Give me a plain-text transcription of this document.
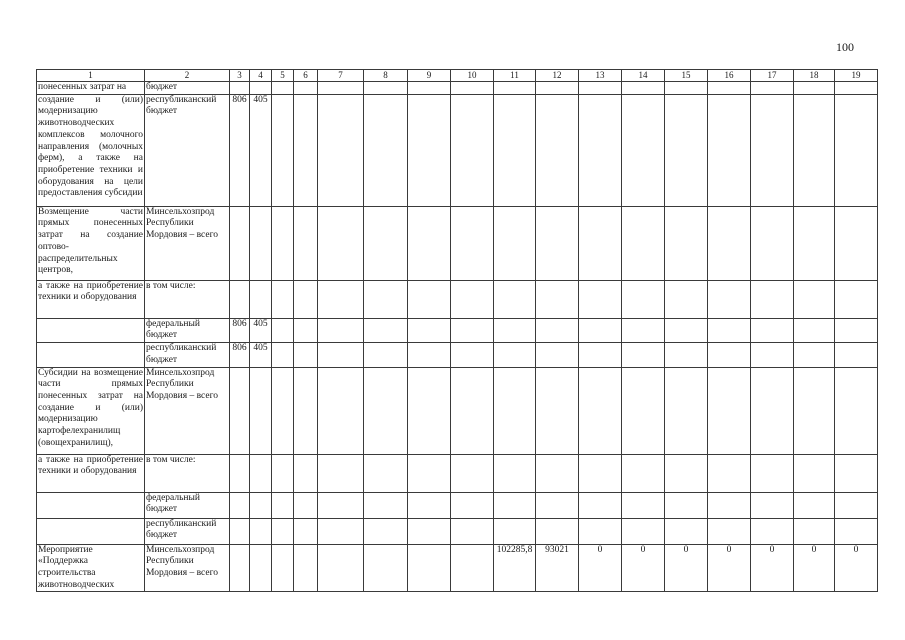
100
1	2	3	4	5	6	7	8	9	10	11	12	13	14	15	16	17	18	19
понесенных затрат на	бюджет																	
создание и (или) модернизацию животноводческих комплексов молочного направления (молочных ферм), а также на приобретение техники и оборудования на цели предоставления субсидии	республиканский бюджет	806	405															
Возмещение части прямых понесенных затрат на создание оптово-распределительных центров,	Минсельхозпрод Республики Мордовия – всего																	
а также на приобретение техники и оборудования	в том числе:																	
	федеральный бюджет	806	405															
	республиканский бюджет	806	405															
Субсидии на возмещение части прямых понесенных затрат на создание и (или) модернизацию картофелехранилищ (овощехранилищ),	Минсельхозпрод Республики Мордовия – всего																	
а также на приобретение техники и оборудования	в том числе:																	
	федеральный бюджет																	
	республиканский бюджет																	
Мероприятие «Поддержка строительства животноводческих	Минсельхозпрод Республики Мордовия – всего									102285,8	93021	0	0	0	0	0	0	0
